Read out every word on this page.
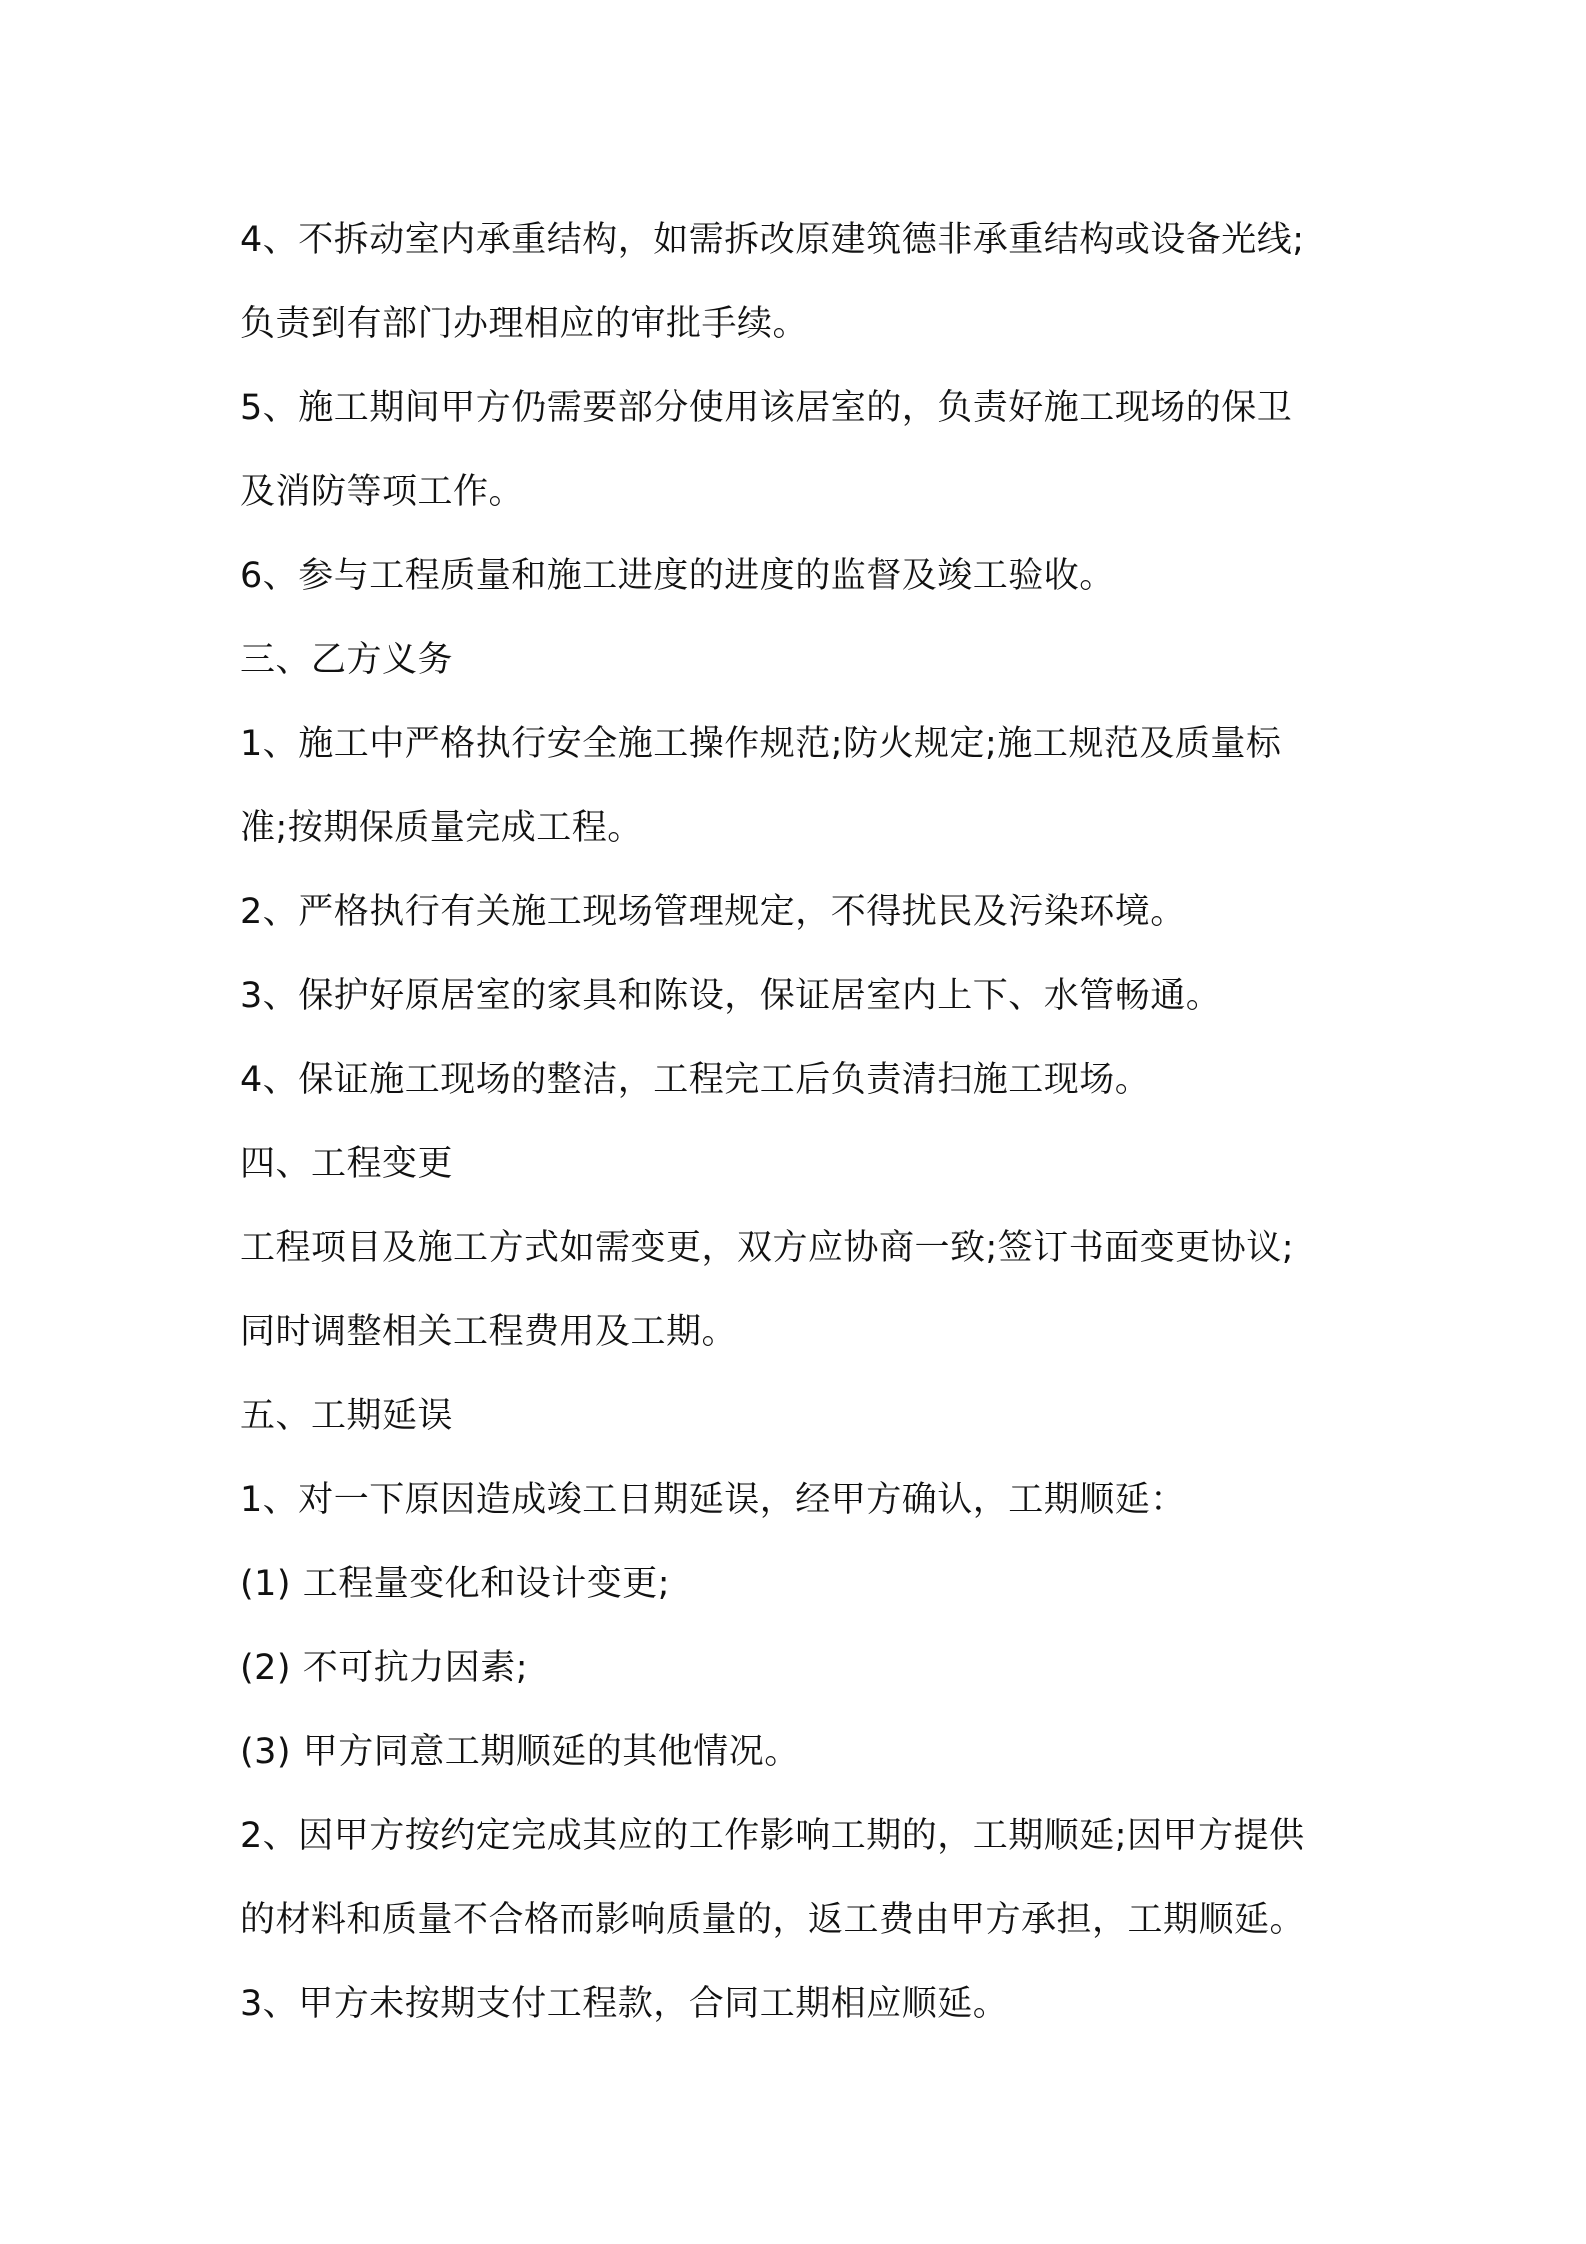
4、不拆动室内承重结构，如需拆改原建筑德非承重结构或设备光线;
负责到有部门办理相应的审批手续。
5、施工期间甲方仍需要部分使用该居室的，负责好施工现场的保卫
及消防等项工作。
6、参与工程质量和施工进度的进度的监督及竣工验收。
三、乙方义务
1、施工中严格执行安全施工操作规范;防火规定;施工规范及质量标
准;按期保质量完成工程。
2、严格执行有关施工现场管理规定，不得扰民及污染环境。
3、保护好原居室的家具和陈设，保证居室内上下、水管畅通。
4、保证施工现场的整洁，工程完工后负责清扫施工现场。
四、工程变更
工程项目及施工方式如需变更，双方应协商一致;签订书面变更协议;
同时调整相关工程费用及工期。
五、工期延误
1、对一下原因造成竣工日期延误，经甲方确认，工期顺延：
(1) 工程量变化和设计变更;
(2) 不可抗力因素;
(3) 甲方同意工期顺延的其他情况。
2、因甲方按约定完成其应的工作影响工期的，工期顺延;因甲方提供
的材料和质量不合格而影响质量的，返工费由甲方承担，工期顺延。
3、甲方未按期支付工程款，合同工期相应顺延。
